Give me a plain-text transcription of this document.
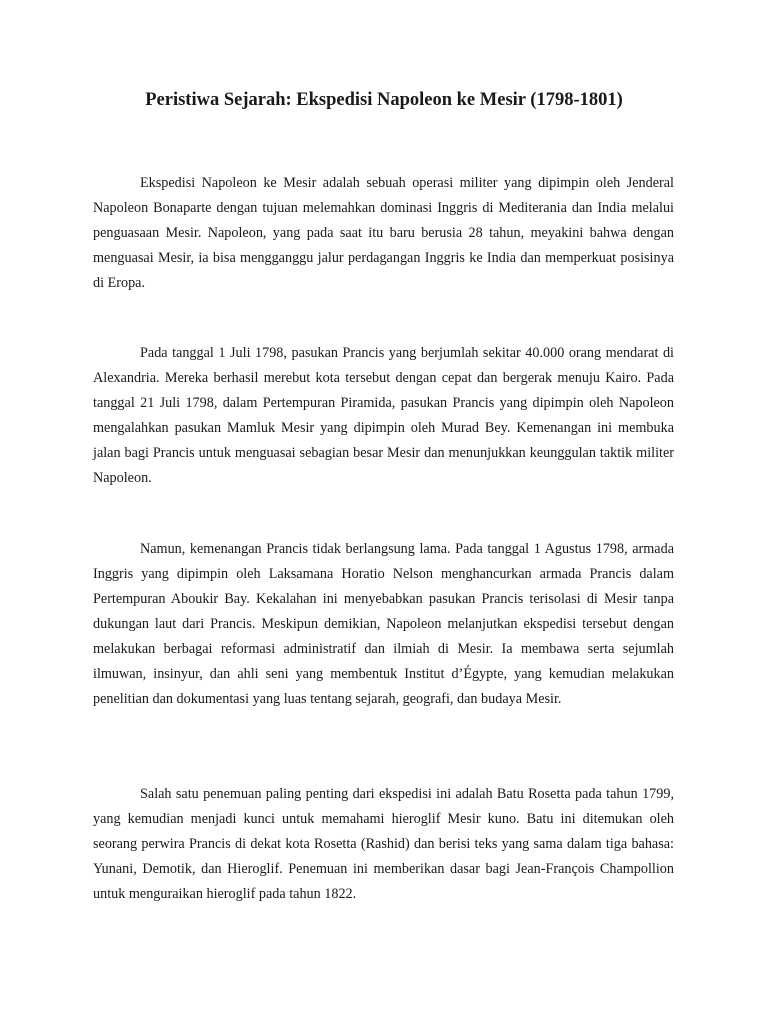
Peristiwa Sejarah: Ekspedisi Napoleon ke Mesir (1798-1801)

Ekspedisi Napoleon ke Mesir adalah sebuah operasi militer yang dipimpin oleh Jenderal Napoleon Bonaparte dengan tujuan melemahkan dominasi Inggris di Mediterania dan India melalui penguasaan Mesir. Napoleon, yang pada saat itu baru berusia 28 tahun, meyakini bahwa dengan menguasai Mesir, ia bisa mengganggu jalur perdagangan Inggris ke India dan memperkuat posisinya di Eropa.

Pada tanggal 1 Juli 1798, pasukan Prancis yang berjumlah sekitar 40.000 orang mendarat di Alexandria. Mereka berhasil merebut kota tersebut dengan cepat dan bergerak menuju Kairo. Pada tanggal 21 Juli 1798, dalam Pertempuran Piramida, pasukan Prancis yang dipimpin oleh Napoleon mengalahkan pasukan Mamluk Mesir yang dipimpin oleh Murad Bey. Kemenangan ini membuka jalan bagi Prancis untuk menguasai sebagian besar Mesir dan menunjukkan keunggulan taktik militer Napoleon.

Namun, kemenangan Prancis tidak berlangsung lama. Pada tanggal 1 Agustus 1798, armada Inggris yang dipimpin oleh Laksamana Horatio Nelson menghancurkan armada Prancis dalam Pertempuran Aboukir Bay. Kekalahan ini menyebabkan pasukan Prancis terisolasi di Mesir tanpa dukungan laut dari Prancis. Meskipun demikian, Napoleon melanjutkan ekspedisi tersebut dengan melakukan berbagai reformasi administratif dan ilmiah di Mesir. Ia membawa serta sejumlah ilmuwan, insinyur, dan ahli seni yang membentuk Institut d’Égypte, yang kemudian melakukan penelitian dan dokumentasi yang luas tentang sejarah, geografi, dan budaya Mesir.

Salah satu penemuan paling penting dari ekspedisi ini adalah Batu Rosetta pada tahun 1799, yang kemudian menjadi kunci untuk memahami hieroglif Mesir kuno. Batu ini ditemukan oleh seorang perwira Prancis di dekat kota Rosetta (Rashid) dan berisi teks yang sama dalam tiga bahasa: Yunani, Demotik, dan Hieroglif. Penemuan ini memberikan dasar bagi Jean-François Champollion untuk menguraikan hieroglif pada tahun 1822.
